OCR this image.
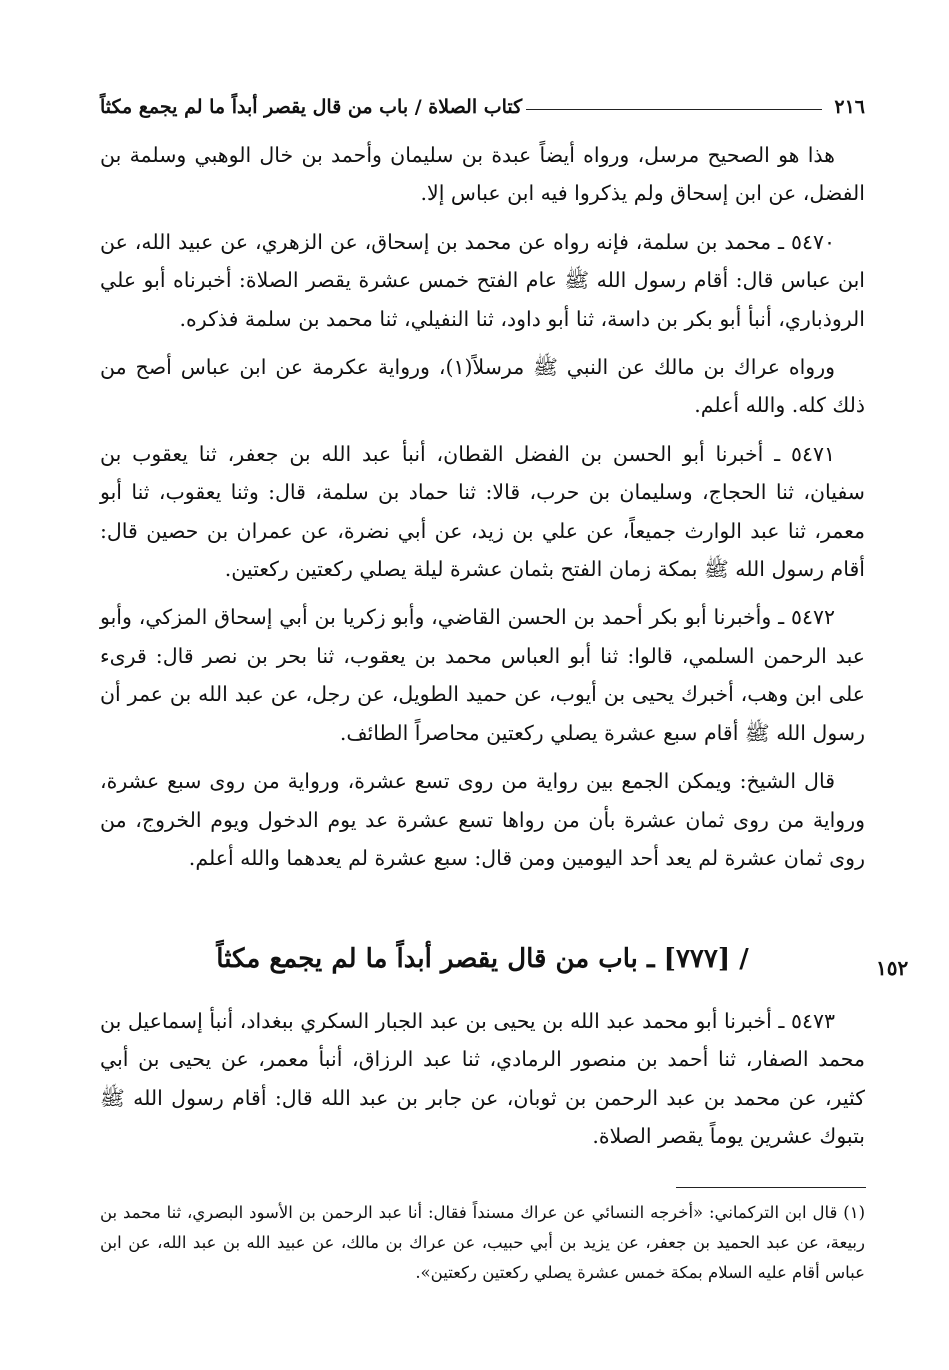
٢١٦
كتاب الصلاة / باب من قال يقصر أبداً ما لم يجمع مكثاً

هذا هو الصحيح مرسل، ورواه أيضاً عبدة بن سليمان وأحمد بن خال الوهبي وسلمة بن الفضل، عن ابن إسحاق ولم يذكروا فيه ابن عباس إلا.

٥٤٧٠ ـ محمد بن سلمة، فإنه رواه عن محمد بن إسحاق، عن الزهري، عن عبيد الله، عن ابن عباس قال: أقام رسول الله ﷺ عام الفتح خمس عشرة يقصر الصلاة: أخبرناه أبو علي الروذباري، أنبأ أبو بكر بن داسة، ثنا أبو داود، ثنا النفيلي، ثنا محمد بن سلمة فذكره.

ورواه عراك بن مالك عن النبي ﷺ مرسلاً(١)، ورواية عكرمة عن ابن عباس أصح من ذلك كله. والله أعلم.

٥٤٧١ ـ أخبرنا أبو الحسن بن الفضل القطان، أنبأ عبد الله بن جعفر، ثنا يعقوب بن سفيان، ثنا الحجاج، وسليمان بن حرب، قالا: ثنا حماد بن سلمة، قال: وثنا يعقوب، ثنا أبو معمر، ثنا عبد الوارث جميعاً، عن علي بن زيد، عن أبي نضرة، عن عمران بن حصين قال: أقام رسول الله ﷺ بمكة زمان الفتح بثمان عشرة ليلة يصلي ركعتين ركعتين.

٥٤٧٢ ـ وأخبرنا أبو بكر أحمد بن الحسن القاضي، وأبو زكريا بن أبي إسحاق المزكي، وأبو عبد الرحمن السلمي، قالوا: ثنا أبو العباس محمد بن يعقوب، ثنا بحر بن نصر قال: قرىء على ابن وهب، أخبرك يحيى بن أيوب، عن حميد الطويل، عن رجل، عن عبد الله بن عمر أن رسول الله ﷺ أقام سبع عشرة يصلي ركعتين محاصراً الطائف.

قال الشيخ: ويمكن الجمع بين رواية من روى تسع عشرة، ورواية من روى سبع عشرة، ورواية من روى ثمان عشرة بأن من رواها تسع عشرة عد يوم الدخول ويوم الخروج، من روى ثمان عشرة لم يعد أحد اليومين ومن قال: سبع عشرة لم يعدهما والله أعلم.

/ [٧٧٧] ـ باب من قال يقصر أبداً ما لم يجمع مكثاً	١٥٢

٥٤٧٣ ـ أخبرنا أبو محمد عبد الله بن يحيى بن عبد الجبار السكري ببغداد، أنبأ إسماعيل بن محمد الصفار، ثنا أحمد بن منصور الرمادي، ثنا عبد الرزاق، أنبأ معمر، عن يحيى بن أبي كثير، عن محمد بن عبد الرحمن بن ثوبان، عن جابر بن عبد الله قال: أقام رسول الله ﷺ بتبوك عشرين يوماً يقصر الصلاة.

(١) قال ابن التركماني: «أخرجه النسائي عن عراك مسنداً فقال: أنا عبد الرحمن بن الأسود البصري، ثنا محمد بن ربيعة، عن عبد الحميد بن جعفر، عن يزيد بن أبي حبيب، عن عراك بن مالك، عن عبيد الله بن عبد الله، عن ابن عباس أقام عليه السلام بمكة خمس عشرة يصلي ركعتين ركعتين».
